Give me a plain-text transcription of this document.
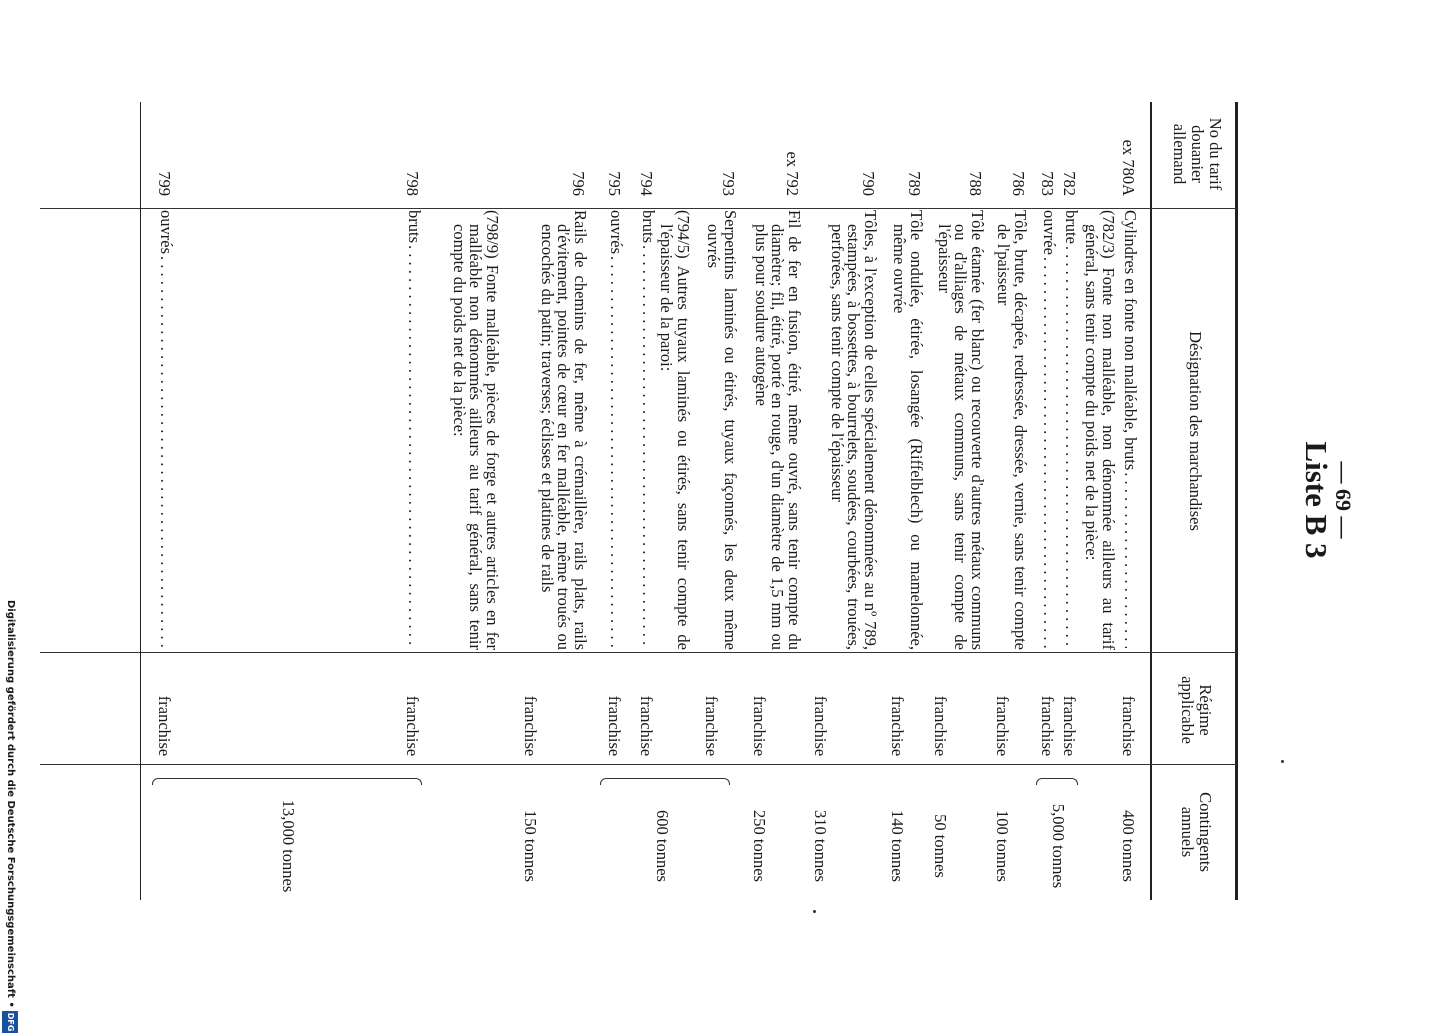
— 69 —
Liste B 3
No du tarif douanier allemand
Désignation des marchandises
Régime applicable
Contingents annuels
ex 780A
Cylindres en fonte non malléable, bruts
. . .
franchise
400 tonnes
(782/3) Fonte non malléable, non dénommée ailleurs au tarif général, sans tenir compte du poids net de la pièce:
782
brute
. . .
franchise
783
ouvrée
. . .
franchise
5,000 tonnes
786
Tôle, brute, décapée, redressée, dressée, vernie, sans tenir compte de l'paisseur
franchise
100 tonnes
788
Tôle étamée (fer blanc) ou recouverte d'autres métaux communs ou d'alliages de métaux communs, sans tenir compte de l'épaisseur
franchise
50 tonnes
789
Tôle ondulée, étirée, losangée (Riffelblech) ou mamelonnée, même ouvrée
franchise
140 tonnes
790
Tôles, à l'exception de celles spécialement dénommées au nº 789, estampées, à bossettes, à bourrelets, soudées, courbées, trouées, perforées, sans tenir compte de l'épaisseur
franchise
310 tonnes
ex 792
Fil de fer en fusion, étiré, même ouvré, sans tenir compte du diamètre; fil, étiré, porté en rouge, d'un diamètre de 1,5 mm ou plus pour soudure autogène
franchise
250 tonnes
793
Serpentins laminés ou étirés, tuyaux façonnés, les deux même ouvrés
franchise
(794/5) Autres tuyaux laminés ou étirés, sans tenir compte de l'épaisseur de la paroi:
794
bruts
. . .
franchise
795
ouvrés
. . .
franchise
600 tonnes
796
Rails de chemins de fer, même à crémaillère, rails plats, rails d'évitement, pointes de cœur en fer malléable, même troués ou encochés du patin; traverses; éclisses et platines de rails
franchise
150 tonnes
(798/9) Fonte malléable, pièces de forge et autres articles en fer malléable non dénommés ailleurs au tarif général, sans tenir compte du poids net de la pièce:
798
bruts
. . .
franchise
799
ouvrés
. . .
franchise
13,000 tonnes
Digitalisierung gefördert durch die Deutsche Forschungsgemeinschaft •DFG
